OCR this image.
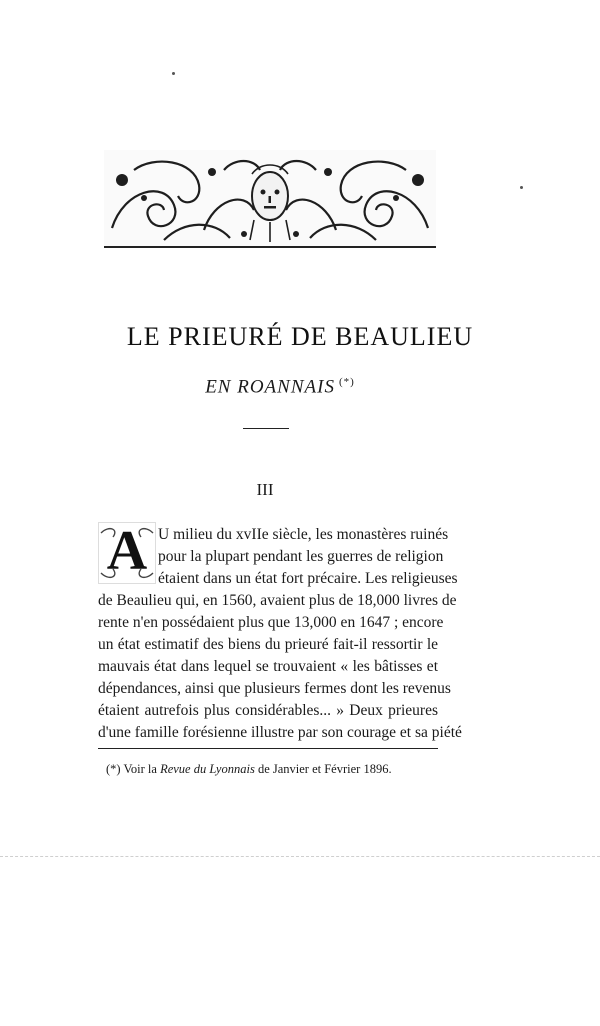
LE PRIEURÉ DE BEAULIEU
EN ROANNAIS (*)
III
A U milieu du xvIIe siècle, les monastères ruinés
pour la plupart pendant les guerres de religion
étaient dans un état fort précaire. Les religieuses
de Beaulieu qui, en 1560, avaient plus de 18,000 livres de
rente n'en possédaient plus que 13,000 en 1647 ; encore
un état estimatif des biens du prieuré fait-il ressortir le
mauvais état dans lequel se trouvaient « les bâtisses et
dépendances, ainsi que plusieurs fermes dont les revenus
étaient autrefois plus considérables... » Deux prieures
d'une famille forésienne illustre par son courage et sa piété
(*) Voir la Revue du Lyonnais de Janvier et Février 1896.
